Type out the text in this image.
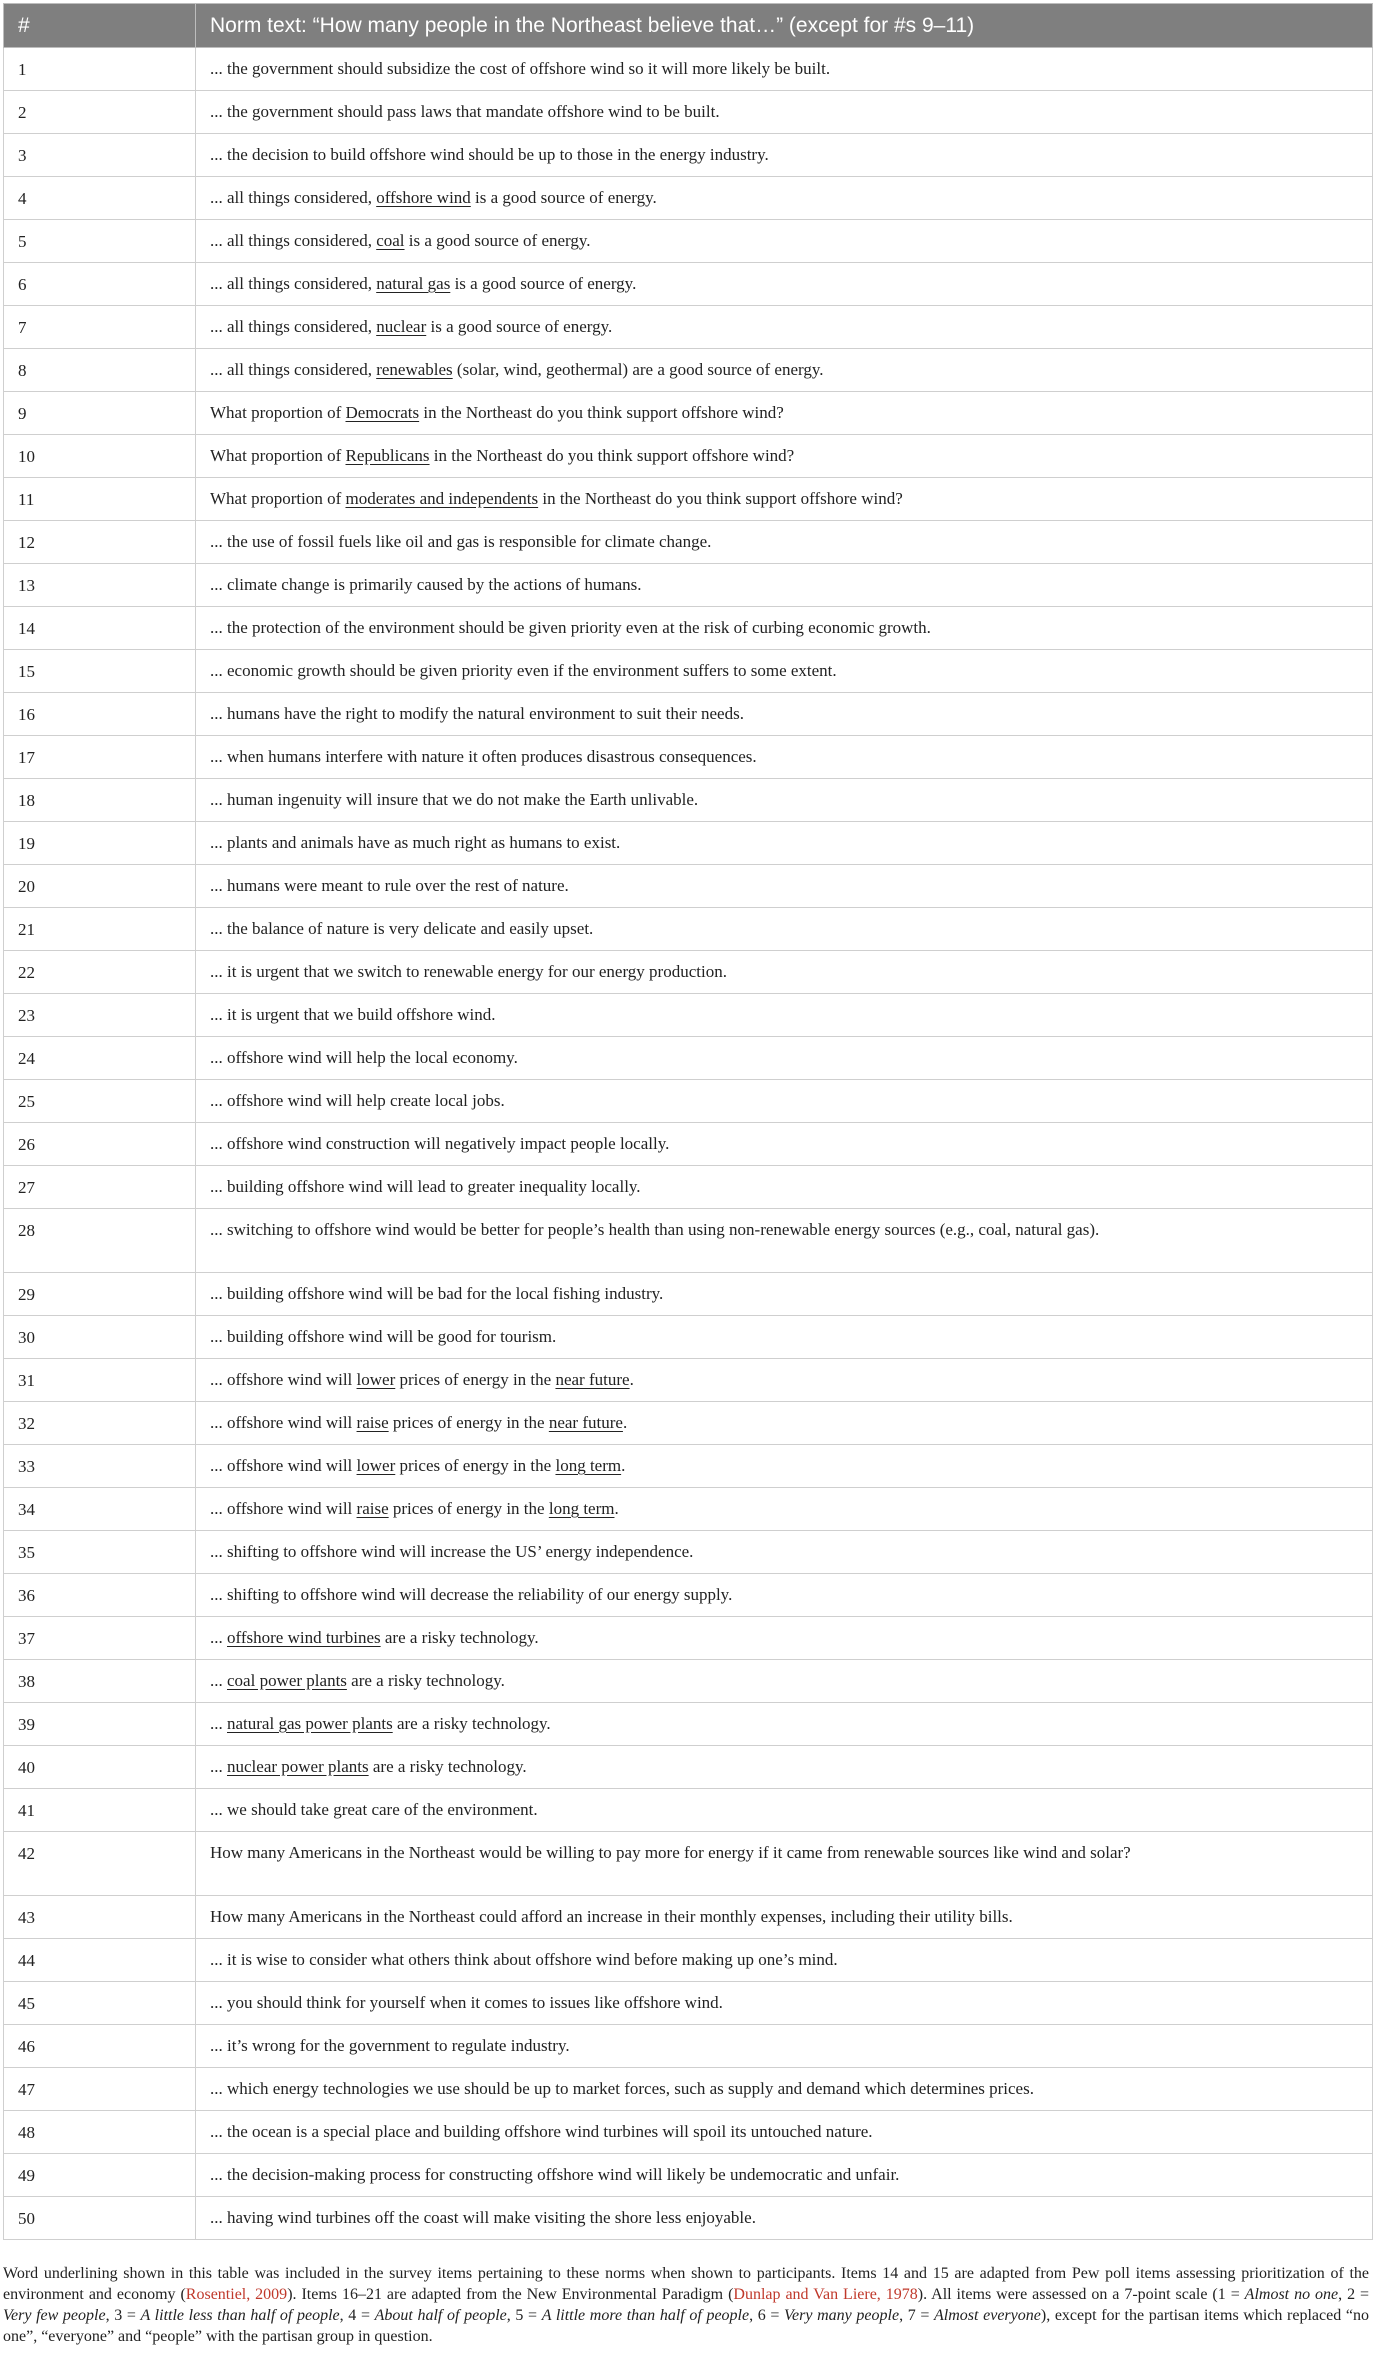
#	Norm text: “How many people in the Northeast believe that…” (except for #s 9–11)
1	... the government should subsidize the cost of offshore wind so it will more likely be built.
2	... the government should pass laws that mandate offshore wind to be built.
3	... the decision to build offshore wind should be up to those in the energy industry.
4	... all things considered, offshore wind is a good source of energy.
5	... all things considered, coal is a good source of energy.
6	... all things considered, natural gas is a good source of energy.
7	... all things considered, nuclear is a good source of energy.
8	... all things considered, renewables (solar, wind, geothermal) are a good source of energy.
9	What proportion of Democrats in the Northeast do you think support offshore wind?
10	What proportion of Republicans in the Northeast do you think support offshore wind?
11	What proportion of moderates and independents in the Northeast do you think support offshore wind?
12	... the use of fossil fuels like oil and gas is responsible for climate change.
13	... climate change is primarily caused by the actions of humans.
14	... the protection of the environment should be given priority even at the risk of curbing economic growth.
15	... economic growth should be given priority even if the environment suffers to some extent.
16	... humans have the right to modify the natural environment to suit their needs.
17	... when humans interfere with nature it often produces disastrous consequences.
18	... human ingenuity will insure that we do not make the Earth unlivable.
19	... plants and animals have as much right as humans to exist.
20	... humans were meant to rule over the rest of nature.
21	... the balance of nature is very delicate and easily upset.
22	... it is urgent that we switch to renewable energy for our energy production.
23	... it is urgent that we build offshore wind.
24	... offshore wind will help the local economy.
25	... offshore wind will help create local jobs.
26	... offshore wind construction will negatively impact people locally.
27	... building offshore wind will lead to greater inequality locally.
28	... switching to offshore wind would be better for people’s health than using non-renewable energy sources (e.g., coal, natural gas).
29	... building offshore wind will be bad for the local fishing industry.
30	... building offshore wind will be good for tourism.
31	... offshore wind will lower prices of energy in the near future.
32	... offshore wind will raise prices of energy in the near future.
33	... offshore wind will lower prices of energy in the long term.
34	... offshore wind will raise prices of energy in the long term.
35	... shifting to offshore wind will increase the US’ energy independence.
36	... shifting to offshore wind will decrease the reliability of our energy supply.
37	... offshore wind turbines are a risky technology.
38	... coal power plants are a risky technology.
39	... natural gas power plants are a risky technology.
40	... nuclear power plants are a risky technology.
41	... we should take great care of the environment.
42	How many Americans in the Northeast would be willing to pay more for energy if it came from renewable sources like wind and solar?
43	How many Americans in the Northeast could afford an increase in their monthly expenses, including their utility bills.
44	... it is wise to consider what others think about offshore wind before making up one’s mind.
45	... you should think for yourself when it comes to issues like offshore wind.
46	... it’s wrong for the government to regulate industry.
47	... which energy technologies we use should be up to market forces, such as supply and demand which determines prices.
48	... the ocean is a special place and building offshore wind turbines will spoil its untouched nature.
49	... the decision-making process for constructing offshore wind will likely be undemocratic and unfair.
50	... having wind turbines off the coast will make visiting the shore less enjoyable.
Word underlining shown in this table was included in the survey items pertaining to these norms when shown to participants. Items 14 and 15 are adapted from Pew poll items assessing prioritization of the environment and economy (Rosentiel, 2009). Items 16–21 are adapted from the New Environmental Paradigm (Dunlap and Van Liere, 1978). All items were assessed on a 7-point scale (1 = Almost no one, 2 = Very few people, 3 = A little less than half of people, 4 = About half of people, 5 = A little more than half of people, 6 = Very many people, 7 = Almost everyone), except for the partisan items which replaced “no one”, “everyone” and “people” with the partisan group in question.
